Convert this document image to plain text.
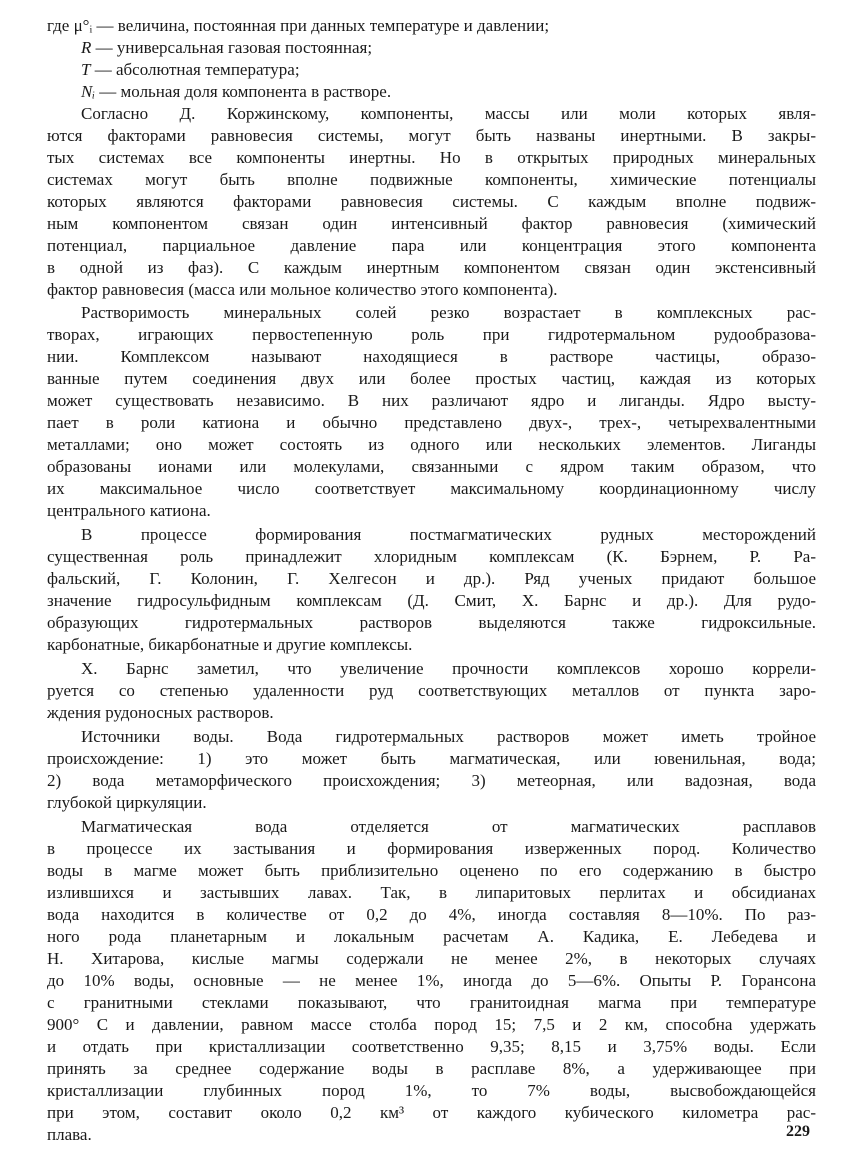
где μ°ᵢ — величина, постоянная при данных температуре и давлении;
R — универсальная газовая постоянная;
T — абсолютная температура;
Nᵢ — мольная доля компонента в растворе.
Согласно Д. Коржинскому, компоненты, массы или моли которых явля-
ются факторами равновесия системы, могут быть названы инертными. В закры-
тых системах все компоненты инертны. Но в открытых природных минеральных
системах могут быть вполне подвижные компоненты, химические потенциалы
которых являются факторами равновесия системы. С каждым вполне подвиж-
ным компонентом связан один интенсивный фактор равновесия (химический
потенциал, парциальное давление пара или концентрация этого компонента
в одной из фаз). С каждым инертным компонентом связан один экстенсивный
фактор равновесия (масса или мольное количество этого компонента).
Растворимость минеральных солей резко возрастает в комплексных рас-
творах, играющих первостепенную роль при гидротермальном рудообразова-
нии. Комплексом называют находящиеся в растворе частицы, образо-
ванные путем соединения двух или более простых частиц, каждая из которых
может существовать независимо. В них различают ядро и лиганды. Ядро высту-
пает в роли катиона и обычно представлено двух-, трех-, четырехвалентными
металлами; оно может состоять из одного или нескольких элементов. Лиганды
образованы ионами или молекулами, связанными с ядром таким образом, что
их максимальное число соответствует максимальному координационному числу
центрального катиона.
В процессе формирования постмагматических рудных месторождений
существенная роль принадлежит хлоридным комплексам (К. Бэрнем, Р. Ра-
фальский, Г. Колонин, Г. Хелгесон и др.). Ряд ученых придают большое
значение гидросульфидным комплексам (Д. Смит, Х. Барнс и др.). Для рудо-
образующих гидротермальных растворов выделяются также гидроксильные.
карбонатные, бикарбонатные и другие комплексы.
Х. Барнс заметил, что увеличение прочности комплексов хорошо коррели-
руется со степенью удаленности руд соответствующих металлов от пункта заро-
ждения рудоносных растворов.
Источники воды. Вода гидротермальных растворов может иметь тройное
происхождение: 1) это может быть магматическая, или ювенильная, вода;
2) вода метаморфического происхождения; 3) метеорная, или вадозная, вода
глубокой циркуляции.
Магматическая вода отделяется от магматических расплавов
в процессе их застывания и формирования изверженных пород. Количество
воды в магме может быть приблизительно оценено по его содержанию в быстро
излившихся и застывших лавах. Так, в липаритовых перлитах и обсидианах
вода находится в количестве от 0,2 до 4%, иногда составляя 8—10%. По раз-
ного рода планетарным и локальным расчетам А. Кадика, Е. Лебедева и
Н. Хитарова, кислые магмы содержали не менее 2%, в некоторых случаях
до 10% воды, основные — не менее 1%, иногда до 5—6%. Опыты Р. Горансона
с гранитными стеклами показывают, что гранитоидная магма при температуре
900° С и давлении, равном массе столба пород 15; 7,5 и 2 км, способна удержать
и отдать при кристаллизации соответственно 9,35; 8,15 и 3,75% воды. Если
принять за среднее содержание воды в расплаве 8%, а удерживающее при
кристаллизации глубинных пород 1%, то 7% воды, высвобождающейся
при этом, составит около 0,2 км³ от каждого кубического километра рас-
плава.	229
